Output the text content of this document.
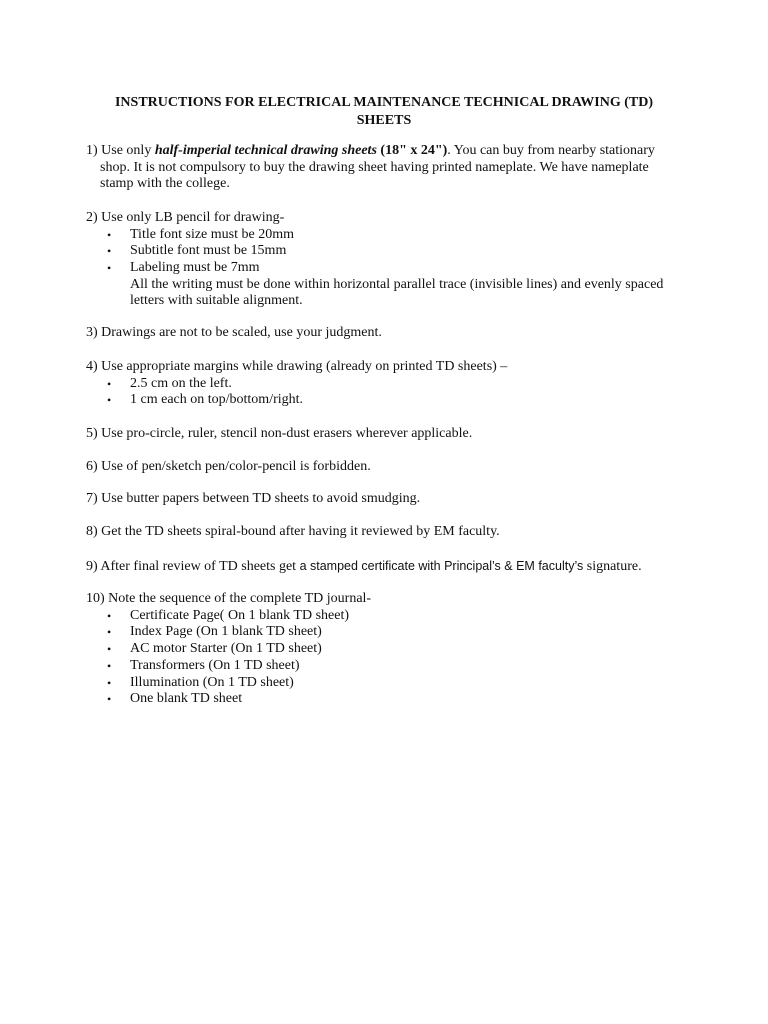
INSTRUCTIONS FOR ELECTRICAL MAINTENANCE TECHNICAL DRAWING (TD)
SHEETS
1) Use only half-imperial technical drawing sheets (18" x 24"). You can buy from nearby stationary
shop. It is not compulsory to buy the drawing sheet having printed nameplate. We have nameplate
stamp with the college.
2) Use only LB pencil for drawing-
• Title font size must be 20mm
• Subtitle font must be 15mm
• Labeling must be 7mm
All the writing must be done within horizontal parallel trace (invisible lines) and evenly spaced
letters with suitable alignment.
3) Drawings are not to be scaled, use your judgment.
4) Use appropriate margins while drawing (already on printed TD sheets) –
• 2.5 cm on the left.
• 1 cm each on top/bottom/right.
5) Use pro-circle, ruler, stencil non-dust erasers wherever applicable.
6) Use of pen/sketch pen/color-pencil is forbidden.
7) Use butter papers between TD sheets to avoid smudging.
8) Get the TD sheets spiral-bound after having it reviewed by EM faculty.
9) After final review of TD sheets get a stamped certificate with Principal’s & EM faculty’s signature.
10) Note the sequence of the complete TD journal-
• Certificate Page( On 1 blank TD sheet)
• Index Page (On 1 blank TD sheet)
• AC motor Starter (On 1 TD sheet)
• Transformers (On 1 TD sheet)
• Illumination (On 1 TD sheet)
• One blank TD sheet
